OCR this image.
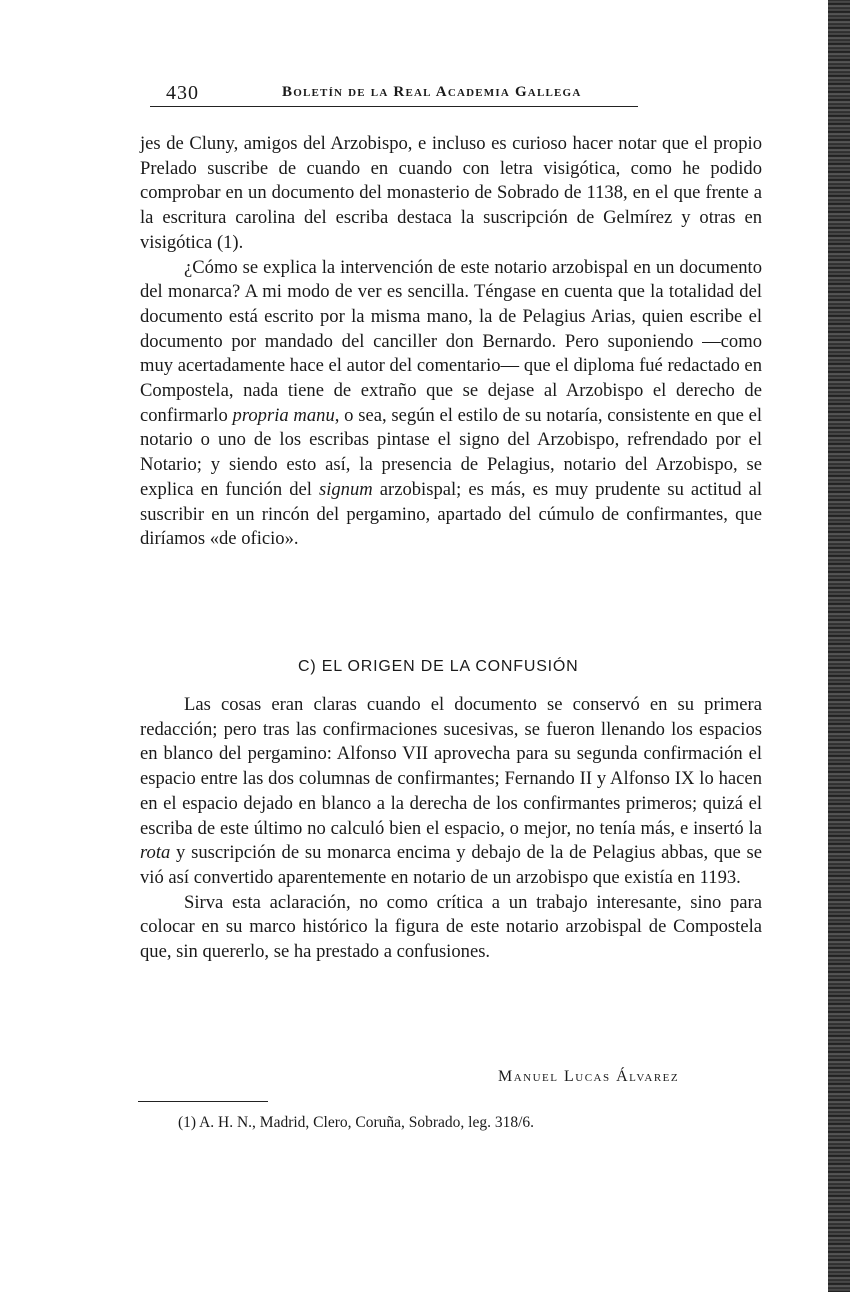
430	Boletín de la Real Academia Gallega

jes de Cluny, amigos del Arzobispo, e incluso es curioso hacer notar que el propio Prelado suscribe de cuando en cuando con letra visigótica, como he podido comprobar en un documento del monasterio de Sobrado de 1138, en el que frente a la escritura carolina del escriba destaca la suscripción de Gelmírez y otras en visigótica (1).

¿Cómo se explica la intervención de este notario arzobispal en un documento del monarca? A mi modo de ver es sencilla. Téngase en cuenta que la totalidad del documento está escrito por la misma mano, la de Pelagius Arias, quien escribe el documento por mandado del canciller don Bernardo. Pero suponiendo —como muy acertadamente hace el autor del comentario— que el diploma fué redactado en Compostela, nada tiene de extraño que se dejase al Arzobispo el derecho de confirmarlo propria manu, o sea, según el estilo de su notaría, consistente en que el notario o uno de los escribas pintase el signo del Arzobispo, refrendado por el Notario; y siendo esto así, la presencia de Pelagius, notario del Arzobispo, se explica en función del signum arzobispal; es más, es muy prudente su actitud al suscribir en un rincón del pergamino, apartado del cúmulo de confirmantes, que diríamos «de oficio».

C) EL ORIGEN DE LA CONFUSIÓN

Las cosas eran claras cuando el documento se conservó en su primera redacción; pero tras las confirmaciones sucesivas, se fueron llenando los espacios en blanco del pergamino: Alfonso VII aprovecha para su segunda confirmación el espacio entre las dos columnas de confirmantes; Fernando II y Alfonso IX lo hacen en el espacio dejado en blanco a la derecha de los confirmantes primeros; quizá el escriba de este último no calculó bien el espacio, o mejor, no tenía más, e insertó la rota y suscripción de su monarca encima y debajo de la de Pelagius abbas, que se vió así convertido aparentemente en notario de un arzobispo que existía en 1193.

Sirva esta aclaración, no como crítica a un trabajo interesante, sino para colocar en su marco histórico la figura de este notario arzobispal de Compostela que, sin quererlo, se ha prestado a confusiones.

Manuel Lucas Álvarez
(1) A. H. N., Madrid, Clero, Coruña, Sobrado, leg. 318/6.
